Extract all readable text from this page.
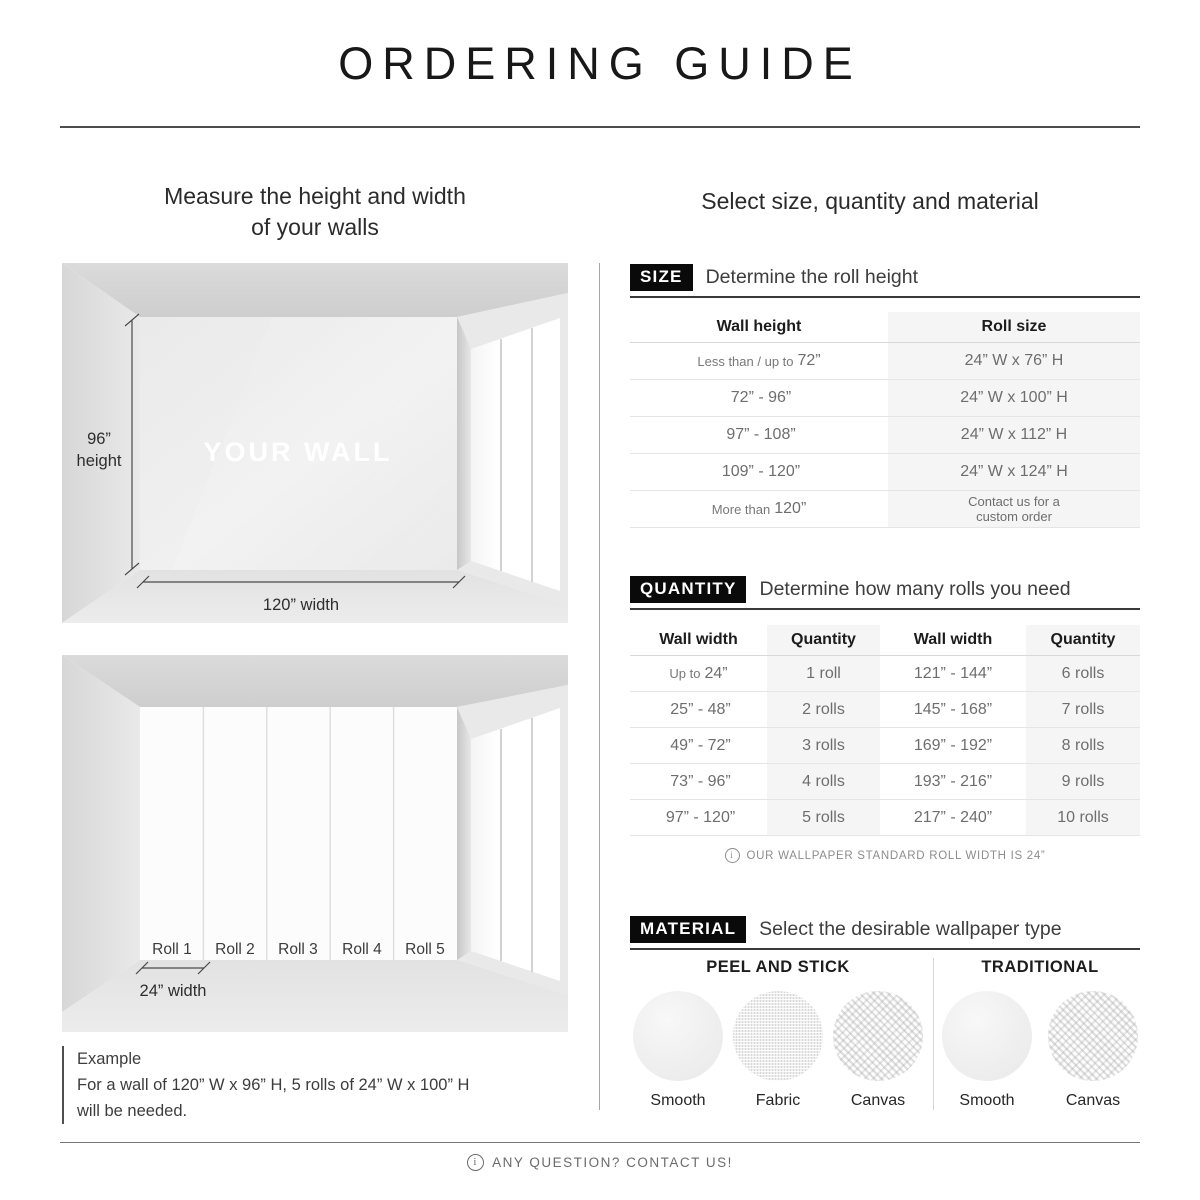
ORDERING GUIDE
Measure the height and width
of your walls
96”
height	YOUR WALL
120” width
Roll 1 Roll 2 Roll 3 Roll 4 Roll 5
24” width
Example
For a wall of 120” W x 96” H, 5 rolls of 24” W x 100” H
will be needed.
Select size, quantity and material
SIZE	Determine the roll height
Wall height	Roll size
Less than / up to 72”	24” W x 76” H
72” - 96”	24” W x 100” H
97” - 108”	24” W x 112” H
109” - 120”	24” W x 124” H
More than 120”	Contact us for a
custom order
QUANTITY	Determine how many rolls you need
Wall width	Quantity	Wall width	Quantity
Up to 24”	1 roll	121” - 144”	6 rolls
25” - 48”	2 rolls	145” - 168”	7 rolls
49” - 72”	3 rolls	169” - 192”	8 rolls
73” - 96”	4 rolls	193” - 216”	9 rolls
97” - 120”	5 rolls	217” - 240”	10 rolls
i
OUR WALLPAPER STANDARD ROLL WIDTH IS 24”
MATERIAL	Select the desirable wallpaper type
PEEL AND STICK
Smooth	Fabric	Canvas
TRADITIONAL
Smooth	Canvas
i
ANY QUESTION? CONTACT US!
